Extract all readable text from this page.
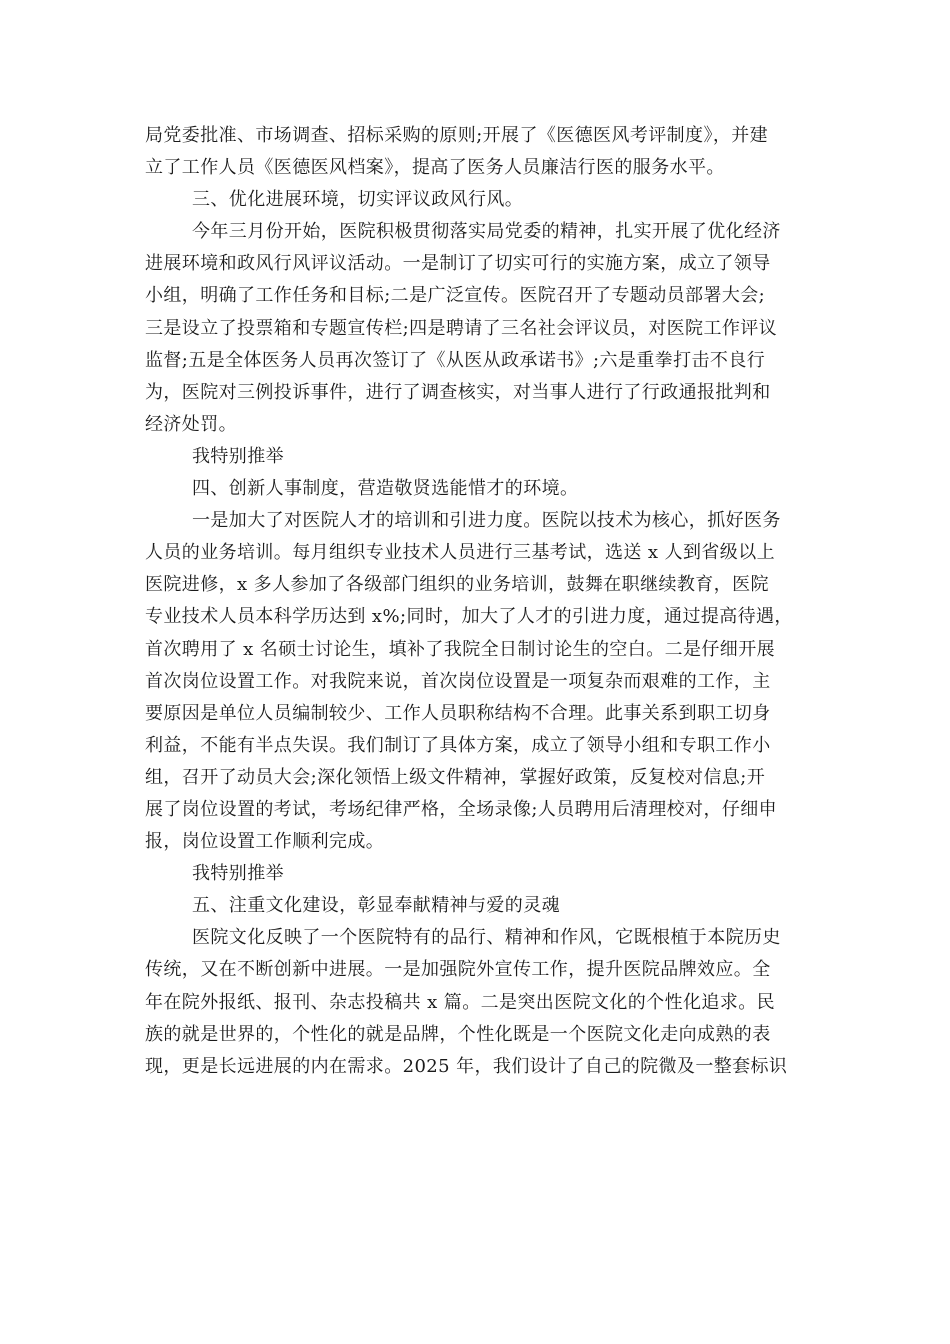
局党委批准、市场调查、招标采购的原则;开展了《医德医风考评制度》，并建
立了工作人员《医德医风档案》，提高了医务人员廉洁行医的服务水平。
三、优化进展环境，切实评议政风行风。
今年三月份开始，医院积极贯彻落实局党委的精神，扎实开展了优化经济
进展环境和政风行风评议活动。一是制订了切实可行的实施方案，成立了领导
小组，明确了工作任务和目标;二是广泛宣传。医院召开了专题动员部署大会;
三是设立了投票箱和专题宣传栏;四是聘请了三名社会评议员，对医院工作评议
监督;五是全体医务人员再次签订了《从医从政承诺书》;六是重拳打击不良行
为，医院对三例投诉事件，进行了调查核实，对当事人进行了行政通报批判和
经济处罚。
我特别推举
四、创新人事制度，营造敬贤选能惜才的环境。
一是加大了对医院人才的培训和引进力度。医院以技术为核心，抓好医务
人员的业务培训。每月组织专业技术人员进行三基考试，选送 x 人到省级以上
医院进修，x 多人参加了各级部门组织的业务培训，鼓舞在职继续教育，医院
专业技术人员本科学历达到 x%;同时，加大了人才的引进力度，通过提高待遇，
首次聘用了 x 名硕士讨论生，填补了我院全日制讨论生的空白。二是仔细开展
首次岗位设置工作。对我院来说，首次岗位设置是一项复杂而艰难的工作，主
要原因是单位人员编制较少、工作人员职称结构不合理。此事关系到职工切身
利益，不能有半点失误。我们制订了具体方案，成立了领导小组和专职工作小
组，召开了动员大会;深化领悟上级文件精神，掌握好政策，反复校对信息;开
展了岗位设置的考试，考场纪律严格，全场录像;人员聘用后清理校对，仔细申
报，岗位设置工作顺利完成。
我特别推举
五、注重文化建设，彰显奉献精神与爱的灵魂
医院文化反映了一个医院特有的品行、精神和作风，它既根植于本院历史
传统，又在不断创新中进展。一是加强院外宣传工作，提升医院品牌效应。全
年在院外报纸、报刊、杂志投稿共 x 篇。二是突出医院文化的个性化追求。民
族的就是世界的，个性化的就是品牌，个性化既是一个医院文化走向成熟的表
现，更是长远进展的内在需求。2025 年，我们设计了自己的院微及一整套标识
